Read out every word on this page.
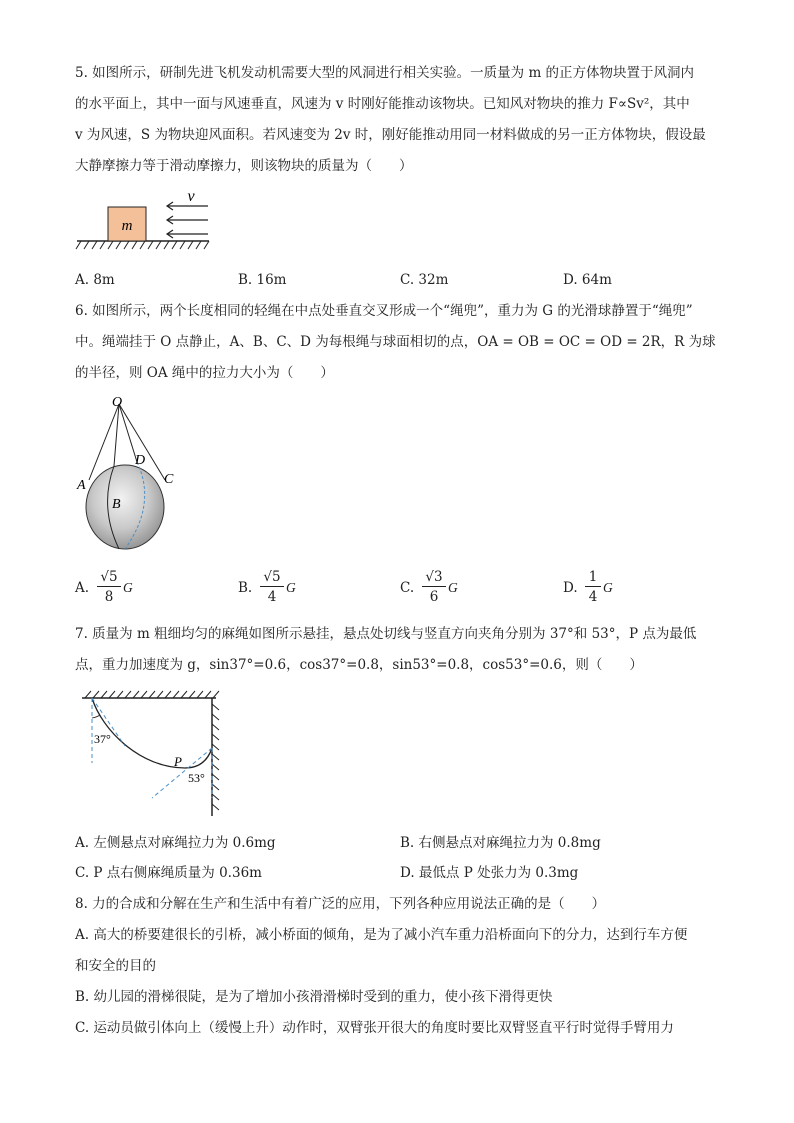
5. 如图所示，研制先进飞机发动机需要大型的风洞进行相关实验。一质量为 m 的正方体物块置于风洞内
的水平面上，其中一面与风速垂直，风速为 v 时刚好能推动该物块。已知风对物块的推力 F∝Sv²，其中
v 为风速，S 为物块迎风面积。若风速变为 2v 时，刚好能推动用同一材料做成的另一正方体物块，假设最
大静摩擦力等于滑动摩擦力，则该物块的质量为（　　）
m
v
A. 8m	B. 16m	C. 32m	D. 64m
6. 如图所示，两个长度相同的轻绳在中点处垂直交叉形成一个“绳兜”，重力为 G 的光滑球静置于“绳兜”
中。绳端挂于 O 点静止，A、B、C、D 为每根绳与球面相切的点，OA = OB = OC = OD = 2R，R 为球
的半径，则 OA 绳中的拉力大小为（　　）
O
A
B
C
D
A.
√5
8
G	B.
√5
4
G	C.
√3
6
G	D.
1
4
G
7. 质量为 m 粗细均匀的麻绳如图所示悬挂，悬点处切线与竖直方向夹角分别为 37°和 53°，P 点为最低
点，重力加速度为 g，sin37°=0.6，cos37°=0.8，sin53°=0.8，cos53°=0.6，则（　　）
37°
P
53°
A. 左侧悬点对麻绳拉力为 0.6mg	B. 右侧悬点对麻绳拉力为 0.8mg
C. P 点右侧麻绳质量为 0.36m	D. 最低点 P 处张力为 0.3mg
8. 力的合成和分解在生产和生活中有着广泛的应用，下列各种应用说法正确的是（　　）
A. 高大的桥要建很长的引桥，减小桥面的倾角，是为了减小汽车重力沿桥面向下的分力，达到行车方便
和安全的目的
B. 幼儿园的滑梯很陡，是为了增加小孩滑滑梯时受到的重力，使小孩下滑得更快
C. 运动员做引体向上（缓慢上升）动作时，双臂张开很大的角度时要比双臂竖直平行时觉得手臂用力
